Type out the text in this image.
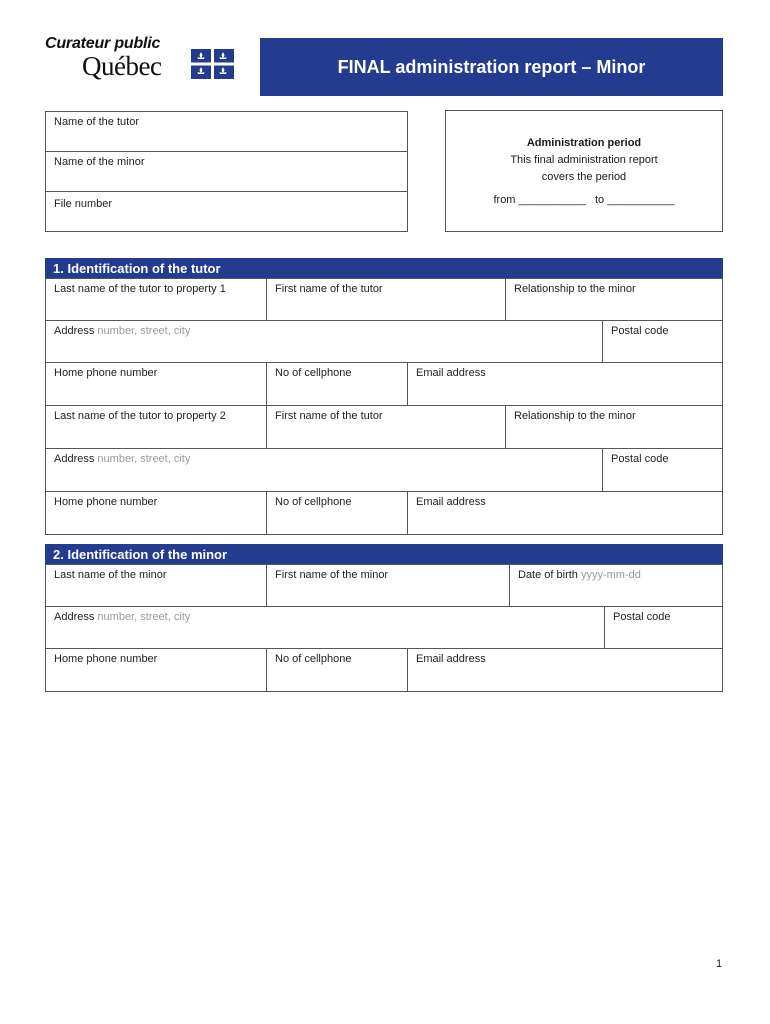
Curateur public
Québec	FINAL administration report – Minor
Name of the tutor
Name of the minor
File number
Administration period
This final administration report
covers the period
from ___________   to ___________
1. Identification of the tutor
Last name of the tutor to property 1	First name of the tutor	Relationship to the minor
Address number, street, city	Postal code
Home phone number	No of cellphone	Email address
Last name of the tutor to property 2	First name of the tutor	Relationship to the minor
Address number, street, city	Postal code
Home phone number	No of cellphone	Email address
2. Identification of the minor
Last name of the minor	First name of the minor	Date of birth yyyy-mm-dd
Address number, street, city	Postal code
Home phone number	No of cellphone	Email address
1
